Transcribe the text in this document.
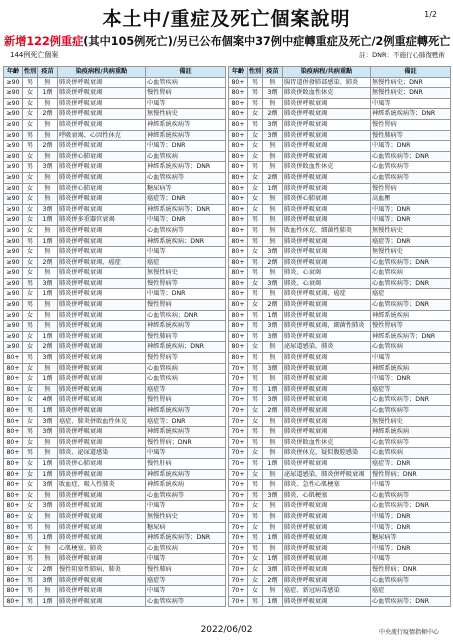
本土中/重症及死亡個案說明	1/2
新增122例重症(其中105例死亡)/另已公布個案中37例中症轉重症及死亡/2例重症轉死亡
144例死亡個案	註：DNR：不施行心肺復甦術
年齡	性別	疫苗	染疫病程/共病重點	備註
≥90	男	無	肺炎併呼吸衰竭	心血管疾病
≥90	女	1劑	肺炎併呼吸衰竭	慢性腎病
≥90	女	無	肺炎併呼吸衰竭	中風等
≥90	女	2劑	肺炎併呼吸衰竭	無慢性病史
≥90	女	無	肺炎併呼吸衰竭	神經系統疾病等
≥90	男	無	呼吸衰竭、心因性休克	神經系統疾病等
≥90	男	2劑	肺炎併呼吸衰竭	中風等；DNR
≥90	女	無	肺炎併心肺衰竭	心血管疾病
≥90	男	3劑	肺炎併呼吸衰竭	神經系統疾病等；DNR
≥90	女	無	肺炎併呼吸衰竭	心血管疾病等
≥90	女	無	肺炎併心肺衰竭	糖尿病等
≥90	女	無	肺炎併呼吸衰竭	癌症等；DNR
≥90	女	3劑	肺炎併呼吸衰竭	神經系統疾病等；DNR
≥90	女	1劑	肺炎併多重器官衰竭	中風等；DNR
≥90	女	無	肺炎併呼吸衰竭	心血管疾病等
≥90	男	1劑	肺炎併呼吸衰竭	神經系統疾病；DNR
≥90	女	無	肺炎併呼吸衰竭	中風等
≥90	女	2劑	肺炎併呼吸衰竭、癌症	癌症
≥90	女	無	肺炎併呼吸衰竭	無慢性病史
≥90	男	3劑	肺炎併呼吸衰竭	慢性腎病等
≥90	女	1劑	肺炎併呼吸衰竭	中風等；DNR
≥90	男	無	肺炎併呼吸衰竭	慢性腎病
≥90	女	無	肺炎併呼吸衰竭	心血管疾病；DNR
≥90	男	無	肺炎併呼吸衰竭	神經系統疾病等
≥90	女	1劑	肺炎併呼吸衰竭	慢性肺病等
≥90	女	2劑	肺炎併呼吸衰竭	神經系統疾病；DNR
80+	男	3劑	肺炎併呼吸衰竭	慢性腎病等
80+	女	無	肺炎併呼吸衰竭	心血管疾病
80+	女	1劑	肺炎併呼吸衰竭	心血管疾病
80+	女	無	肺炎併呼吸衰竭	癌症等
80+	女	4劑	肺炎併呼吸衰竭	慢性腎病
80+	男	1劑	肺炎併呼吸衰竭	神經系統疾病等
80+	女	3劑	癌症、肺炎併敗血性休克	癌症等；DNR
80+	男	3劑	肺炎併呼吸衰竭	神經系統疾病等
80+	女	無	肺炎併呼吸衰竭	慢性腎病；DNR
80+	男	無	肺炎、泌尿道感染	中風等
80+	女	1劑	肺炎併心肺衰竭	慢性肝病
80+	女	1劑	肺炎併呼吸衰竭	神經系統疾病等
80+	女	3劑	敗血症、吸入性肺炎	神經系統疾病
80+	女	無	肺炎併呼吸衰竭	心血管疾病等
80+	女	3劑	肺炎併呼吸衰竭	中風等
80+	女	無	肺炎併呼吸衰竭	無慢性病史
80+	男	無	肺炎併呼吸衰竭	糖尿病
80+	男	1劑	肺炎併呼吸衰竭	神經系統疾病等；DNR
80+	女	無	心肌梗塞、肺炎	心血管疾病
80+	男	無	肺炎併呼吸衰竭	中風等
80+	女	2劑	慢性阻塞性肺病、肺炎	慢性肺病
80+	男	3劑	肺炎併呼吸衰竭	癌症等
80+	男	無	肺炎併呼吸衰竭	中風等
80+	男	1劑	肺炎併呼吸衰竭	心血管疾病等
年齡	性別	疫苗	染疫病程/共病重點	備註
80+	男	無	腸胃道併發肺部感染、肺炎	無慢性病史；DNR
80+	男	3劑	肺炎併敗血性休克	無慢性病史；DNR
80+	男	無	肺炎併呼吸衰竭	中風等
80+	女	2劑	肺炎併呼吸衰竭	神經系統疾病等；DNR
80+	男	3劑	肺炎併呼吸衰竭	慢性腎病
80+	女	3劑	肺炎併呼吸衰竭	慢性肺病等
80+	女	無	肺炎併呼吸衰竭	中風等；DNR
80+	女	無	肺炎併呼吸衰竭	心血管疾病等；DNR
80+	男	無	肺炎併敗血性休克	心血管疾病等
80+	女	2劑	肺炎併呼吸衰竭	心血管疾病等
80+	女	1劑	肺炎併呼吸衰竭	慢性腎病
80+	女	無	肺炎併心肺衰竭	高血壓
80+	女	無	肺炎併呼吸衰竭	中風等；DNR
80+	男	無	肺炎併呼吸衰竭	中風等；DNR
80+	男	無	敗血性休克、細菌性肺炎	無慢性病史
80+	男	無	肺炎併呼吸衰竭	癌症等；DNR
80+	女	3劑	肺炎併呼吸衰竭	無慢性病史
80+	男	2劑	肺炎併呼吸衰竭	心血管疾病等；DNR
80+	男	無	肺炎、心衰竭	心血管疾病
80+	女	3劑	肺炎、心衰竭	心血管疾病等；DNR
80+	男	無	肺炎併呼吸衰竭、癌症	癌症
80+	女	2劑	肺炎併呼吸衰竭	心血管疾病等；DNR
80+	男	1劑	肺炎併呼吸衰竭	神經系統疾病
80+	男	3劑	肺炎併呼吸衰竭、細菌性肺炎	慢性腎病等
80+	男	3劑	肺炎併呼吸衰竭	神經系統疾病等；DNR
80+	女	無	泌尿道感染、肺炎	心血管疾病
80+	男	無	肺炎併呼吸衰竭	中風等
70+	男	3劑	肺炎併呼吸衰竭	神經系統疾病
70+	男	無	肺炎併呼吸衰竭	中風等；DNR
70+	男	1劑	肺炎併呼吸衰竭	癌症等
70+	男	3劑	肺炎併呼吸衰竭	心血管疾病等；DNR
70+	女	2劑	肺炎併呼吸衰竭	心血管疾病等
70+	女	無	肺炎併呼吸衰竭	無慢性病史
70+	男	無	肺炎併呼吸衰竭	神經系統疾病
70+	男	無	肺炎併敗血性休克	心血管疾病等
70+	女	無	肺炎併休克、疑似腹腔感染	心血管疾病
70+	男	1劑	肺炎併呼吸衰竭	癌症等；DNR
70+	女	無	泌尿道感染、肺炎併呼吸衰竭	慢性腎病；DNR
70+	男	無	肺炎、急性心肌梗塞	中風等
70+	男	3劑	肺炎、心肌梗塞	心血管疾病等
70+	女	無	肺炎併呼吸衰竭	心血管疾病等；DNR
70+	男	無	肺炎併呼吸衰竭	中風等；DNR
70+	女	無	肺炎併呼吸衰竭	中風等；DNR
70+	男	1劑	肺炎併呼吸衰竭	糖尿病等
70+	男	無	肺炎併呼吸衰竭	中風等；DNR
70+	女	1劑	肺炎併呼吸衰竭	中風等
70+	女	3劑	肺炎併呼吸衰竭	慢性腎病；DNR
70+	女	2劑	肺炎併呼吸衰竭	心血管疾病等
70+	女	無	癌症、新冠病毒感染	癌症
70+	男	1劑	肺炎併呼吸衰竭	心血管疾病等；DNR
2022/06/02	中央流行疫情指揮中心
